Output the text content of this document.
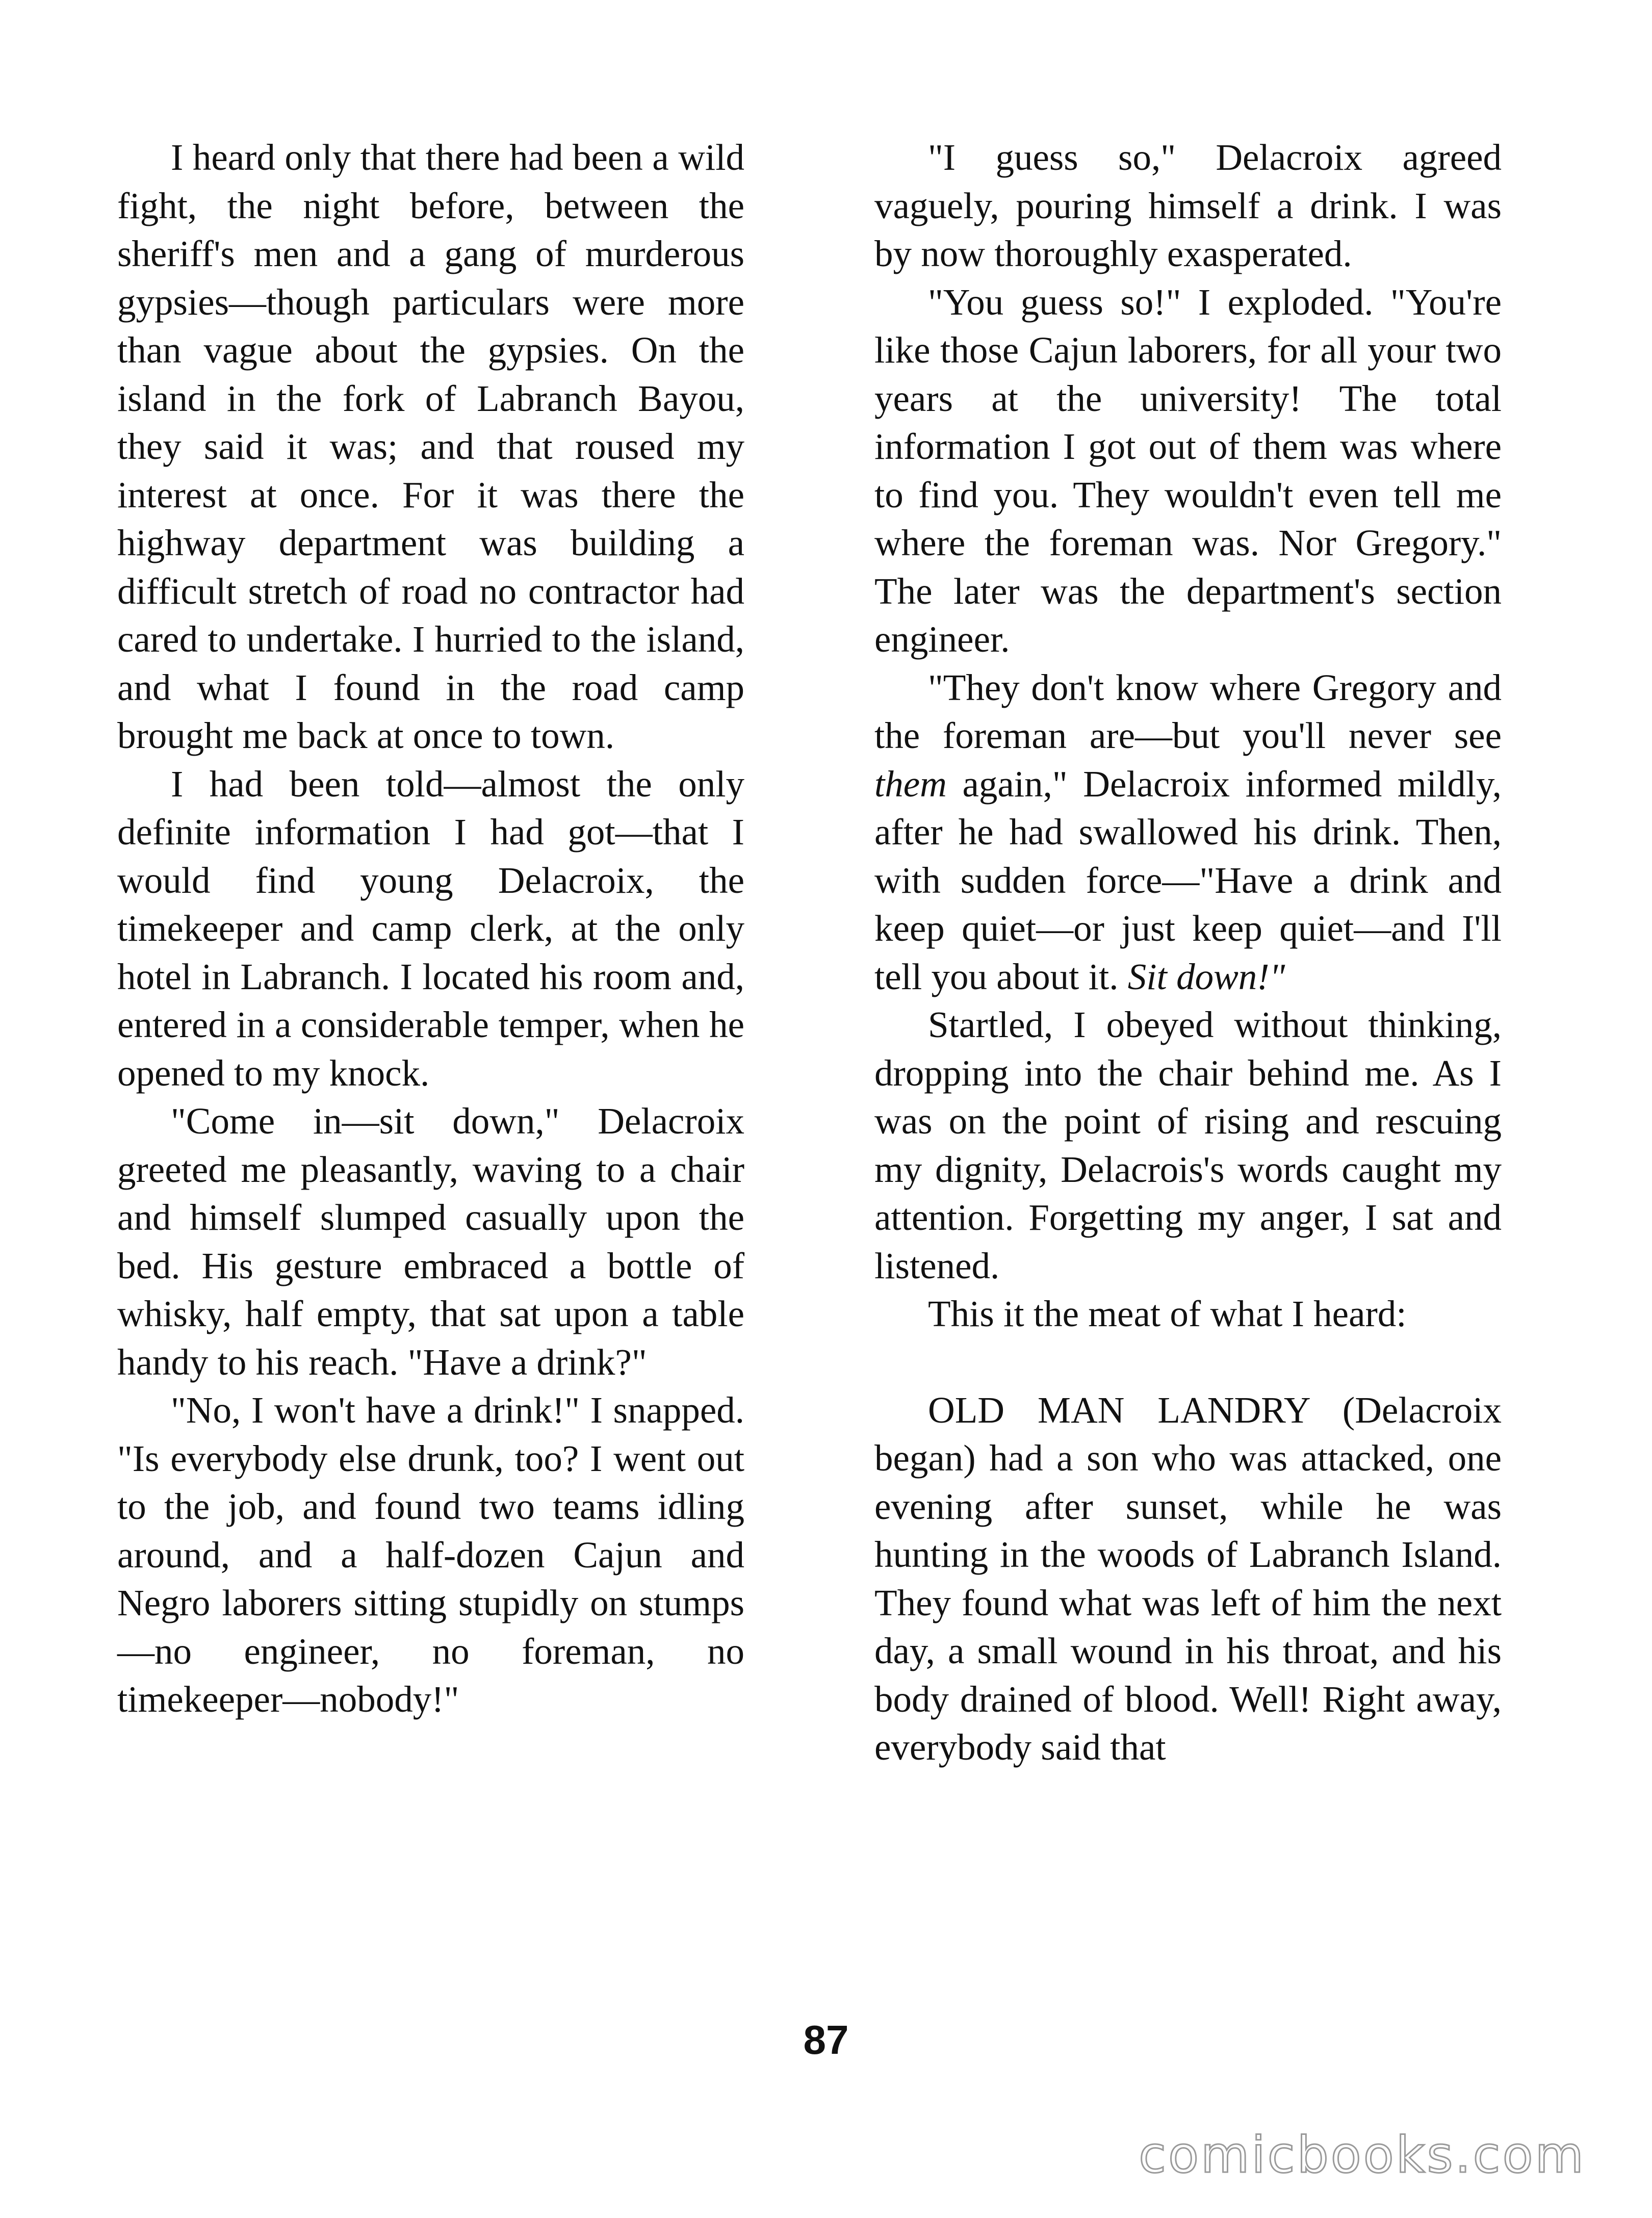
I heard only that there had been a wild fight, the night before, between the sheriff's men and a gang of murderous gypsies—though particulars were more than vague about the gypsies. On the island in the fork of Labranch Bayou, they said it was; and that roused my interest at once. For it was there the highway department was building a difficult stretch of road no contractor had cared to undertake. I hurried to the island, and what I found in the road camp brought me back at once to town.

I had been told—almost the only definite information I had got—that I would find young Delacroix, the timekeeper and camp clerk, at the only hotel in Labranch. I located his room and, entered in a considerable temper, when he opened to my knock.

"Come in—sit down," Delacroix greeted me pleasantly, waving to a chair and himself slumped casually upon the bed. His gesture embraced a bottle of whisky, half empty, that sat upon a table handy to his reach. "Have a drink?"

"No, I won't have a drink!" I snapped. "Is everybody else drunk, too? I went out to the job, and found two teams idling around, and a half-dozen Cajun and Negro laborers sitting stupidly on stumps—no engineer, no foreman, no timekeeper—nobody!"

"I guess so," Delacroix agreed vaguely, pouring himself a drink. I was by now thoroughly exasperated.

"You guess so!" I exploded. "You're like those Cajun laborers, for all your two years at the university! The total information I got out of them was where to find you. They wouldn't even tell me where the foreman was. Nor Gregory." The later was the department's section engineer.

"They don't know where Gregory and the foreman are—but you'll never see them again," Delacroix informed mildly, after he had swallowed his drink. Then, with sudden force—"Have a drink and keep quiet—or just keep quiet—and I'll tell you about it. Sit down!"

Startled, I obeyed without thinking, dropping into the chair behind me. As I was on the point of rising and rescuing my dignity, Delacrois's words caught my attention. Forgetting my anger, I sat and listened.

This it the meat of what I heard:

OLD MAN LANDRY (Delacroix began) had a son who was attacked, one evening after sunset, while he was hunting in the woods of Labranch Island. They found what was left of him the next day, a small wound in his throat, and his body drained of blood. Well! Right away, everybody said that

87
comicbooks.com
